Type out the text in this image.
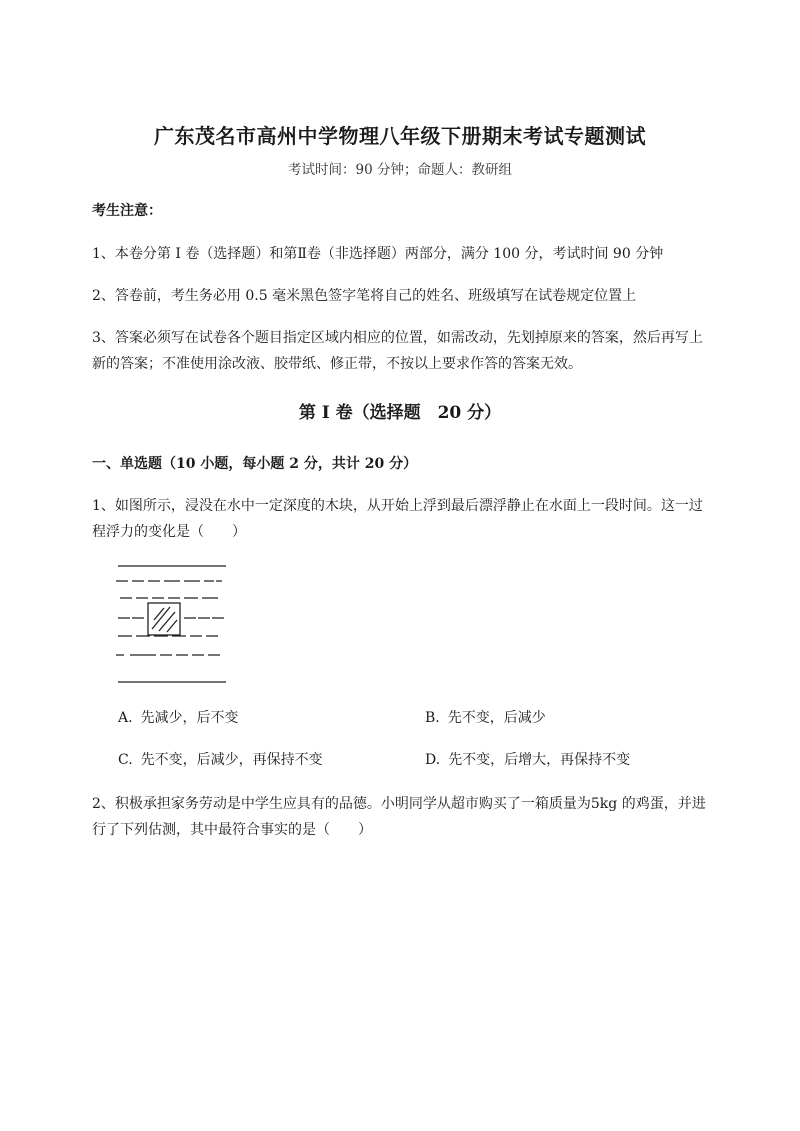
广东茂名市高州中学物理八年级下册期末考试专题测试
考试时间：90 分钟；命题人：教研组
考生注意：
1、本卷分第 I 卷（选择题）和第Ⅱ卷（非选择题）两部分，满分 100 分，考试时间 90 分钟
2、答卷前，考生务必用 0.5 毫米黑色签字笔将自己的姓名、班级填写在试卷规定位置上
3、答案必须写在试卷各个题目指定区域内相应的位置，如需改动，先划掉原来的答案，然后再写上新的答案；不准使用涂改液、胶带纸、修正带，不按以上要求作答的答案无效。
第 I 卷（选择题　20 分）
一、单选题（10 小题，每小题 2 分，共计 20 分）
1、如图所示，浸没在水中一定深度的木块，从开始上浮到最后漂浮静止在水面上一段时间。这一过程浮力的变化是（　　）
A. 先减少，后不变	B. 先不变，后减少
C. 先不变，后减少，再保持不变	D. 先不变，后增大，再保持不变
2、积极承担家务劳动是中学生应具有的品德。小明同学从超市购买了一箱质量为5kg 的鸡蛋，并进行了下列估测，其中最符合事实的是（　　）
